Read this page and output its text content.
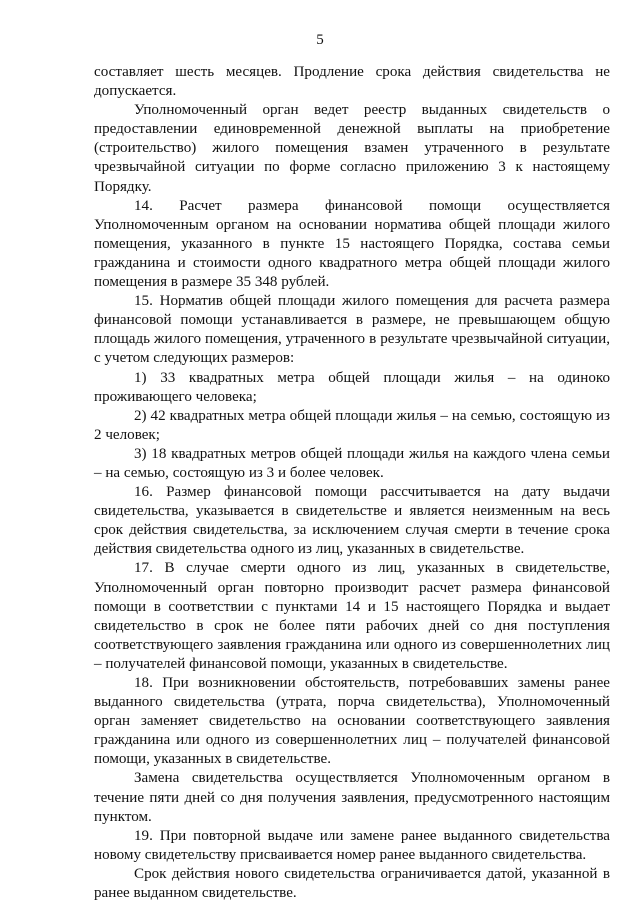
5

составляет шесть месяцев. Продление срока действия свидетельства не допускается.

Уполномоченный орган ведет реестр выданных свидетельств о предоставлении единовременной денежной выплаты на приобретение (строительство) жилого помещения взамен утраченного в результате чрезвычайной ситуации по форме согласно приложению 3 к настоящему Порядку.

14. Расчет размера финансовой помощи осуществляется Уполномоченным органом на основании норматива общей площади жилого помещения, указанного в пункте 15 настоящего Порядка, состава семьи гражданина и стоимости одного квадратного метра общей площади жилого помещения в размере 35 348 рублей.

15. Норматив общей площади жилого помещения для расчета размера финансовой помощи устанавливается в размере, не превышающем общую площадь жилого помещения, утраченного в результате чрезвычайной ситуации, с учетом следующих размеров:

1) 33 квадратных метра общей площади жилья – на одиноко проживающего человека;

2) 42 квадратных метра общей площади жилья – на семью, состоящую из 2 человек;

3) 18 квадратных метров общей площади жилья на каждого члена семьи – на семью, состоящую из 3 и более человек.

16. Размер финансовой помощи рассчитывается на дату выдачи свидетельства, указывается в свидетельстве и является неизменным на весь срок действия свидетельства, за исключением случая смерти в течение срока действия свидетельства одного из лиц, указанных в свидетельстве.

17. В случае смерти одного из лиц, указанных в свидетельстве, Уполномоченный орган повторно производит расчет размера финансовой помощи в соответствии с пунктами 14 и 15 настоящего Порядка и выдает свидетельство в срок не более пяти рабочих дней со дня поступления соответствующего заявления гражданина или одного из совершеннолетних лиц – получателей финансовой помощи, указанных в свидетельстве.

18. При возникновении обстоятельств, потребовавших замены ранее выданного свидетельства (утрата, порча свидетельства), Уполномоченный орган заменяет свидетельство на основании соответствующего заявления гражданина или одного из совершеннолетних лиц – получателей финансовой помощи, указанных в свидетельстве.

Замена свидетельства осуществляется Уполномоченным органом в течение пяти дней со дня получения заявления, предусмотренного настоящим пунктом.

19. При повторной выдаче или замене ранее выданного свидетельства новому свидетельству присваивается номер ранее выданного свидетельства.

Срок действия нового свидетельства ограничивается датой, указанной в ранее выданном свидетельстве.
